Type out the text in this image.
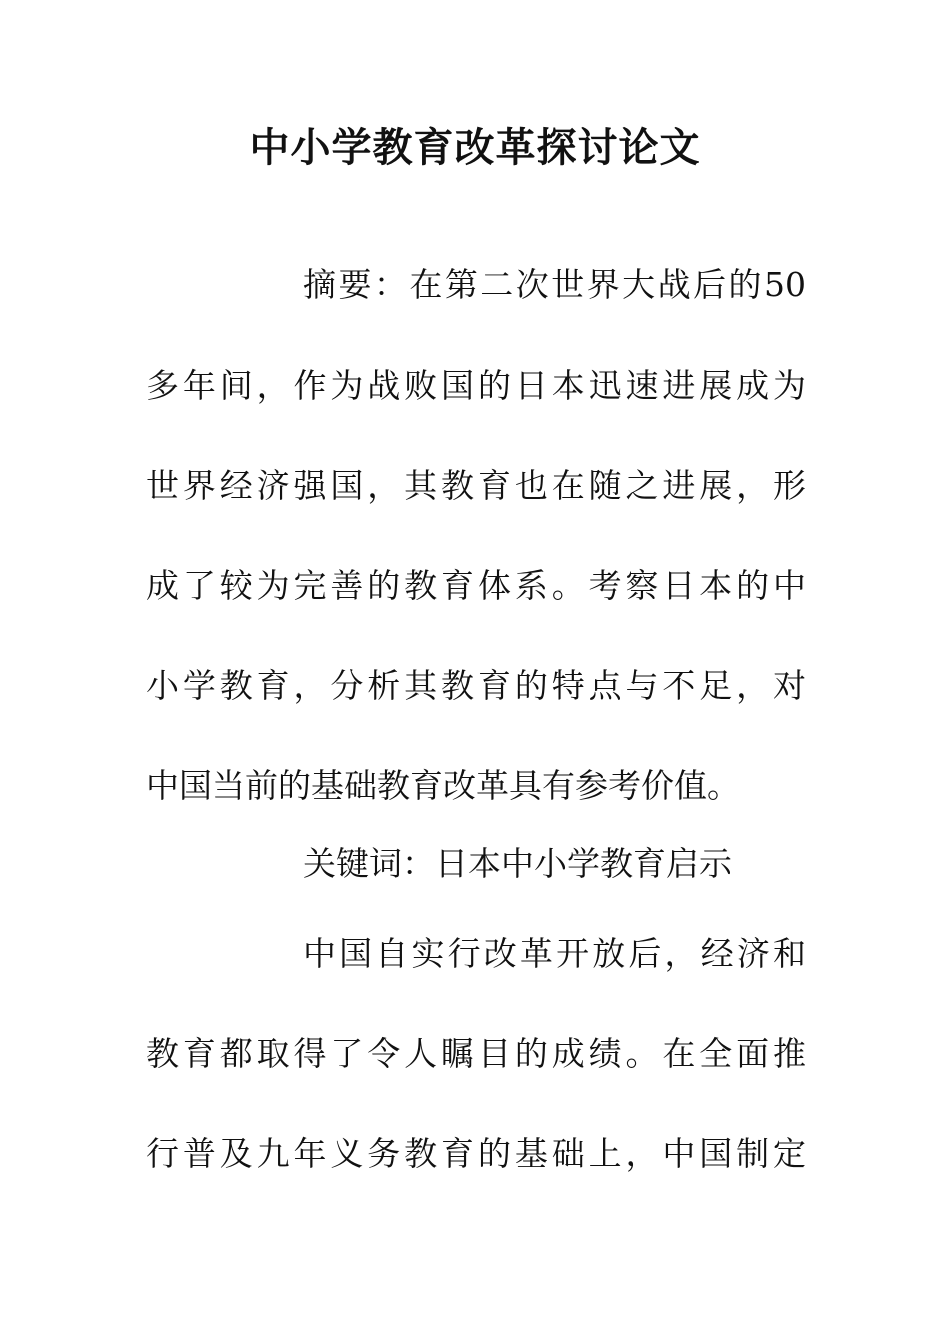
中小学教育改革探讨论文
摘要：在第二次世界大战后的50
多年间，作为战败国的日本迅速进展成为
世界经济强国，其教育也在随之进展，形
成了较为完善的教育体系。考察日本的中
小学教育，分析其教育的特点与不足，对
中国当前的基础教育改革具有参考价值。
关键词：日本中小学教育启示
中国自实行改革开放后，经济和
教育都取得了令人瞩目的成绩。在全面推
行普及九年义务教育的基础上，中国制定
